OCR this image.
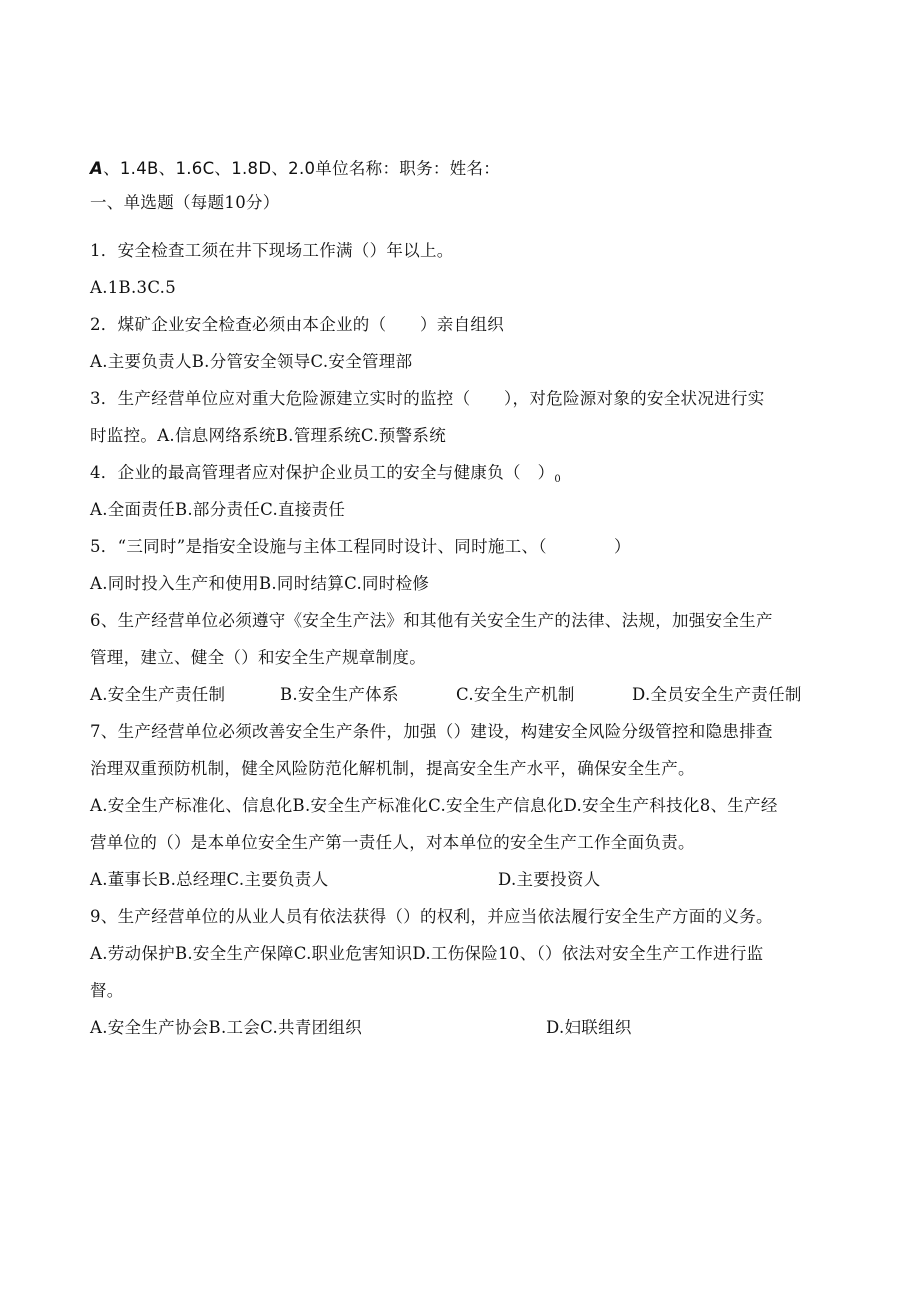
A、1.4B、1.6C、1.8D、2.0单位名称：职务：姓名：
一、单选题（每题10分）
1．安全检查工须在井下现场工作满（）年以上。
A.1B.3C.5
2．煤矿企业安全检查必须由本企业的（　　）亲自组织
A.主要负责人B.分管安全领导C.安全管理部
3．生产经营单位应对重大危险源建立实时的监控（　　），对危险源对象的安全状况进行实
时监控。A.信息网络系统B.管理系统C.预警系统
4．企业的最高管理者应对保护企业员工的安全与健康负（　）$_0$
A.全面责任B.部分责任C.直接责任
5．“三同时”是指安全设施与主体工程同时设计、同时施工、（　　　　）
A.同时投入生产和使用B.同时结算C.同时检修
6、生产经营单位必须遵守《安全生产法》和其他有关安全生产的法律、法规，加强安全生产
管理，建立、健全（）和安全生产规章制度。
A.安全生产责任制	B.安全生产体系	C.安全生产机制	D.全员安全生产责任制
7、生产经营单位必须改善安全生产条件，加强（）建设，构建安全风险分级管控和隐患排查
治理双重预防机制，健全风险防范化解机制，提高安全生产水平，确保安全生产。
A.安全生产标准化、信息化B.安全生产标准化C.安全生产信息化D.安全生产科技化8、生产经
营单位的（）是本单位安全生产第一责任人，对本单位的安全生产工作全面负责。
A.董事长B.总经理C.主要负责人	D.主要投资人
9、生产经营单位的从业人员有依法获得（）的权利，并应当依法履行安全生产方面的义务。
A.劳动保护B.安全生产保障C.职业危害知识D.工伤保险10、（）依法对安全生产工作进行监
督。
A.安全生产协会B.工会C.共青团组织	D.妇联组织
